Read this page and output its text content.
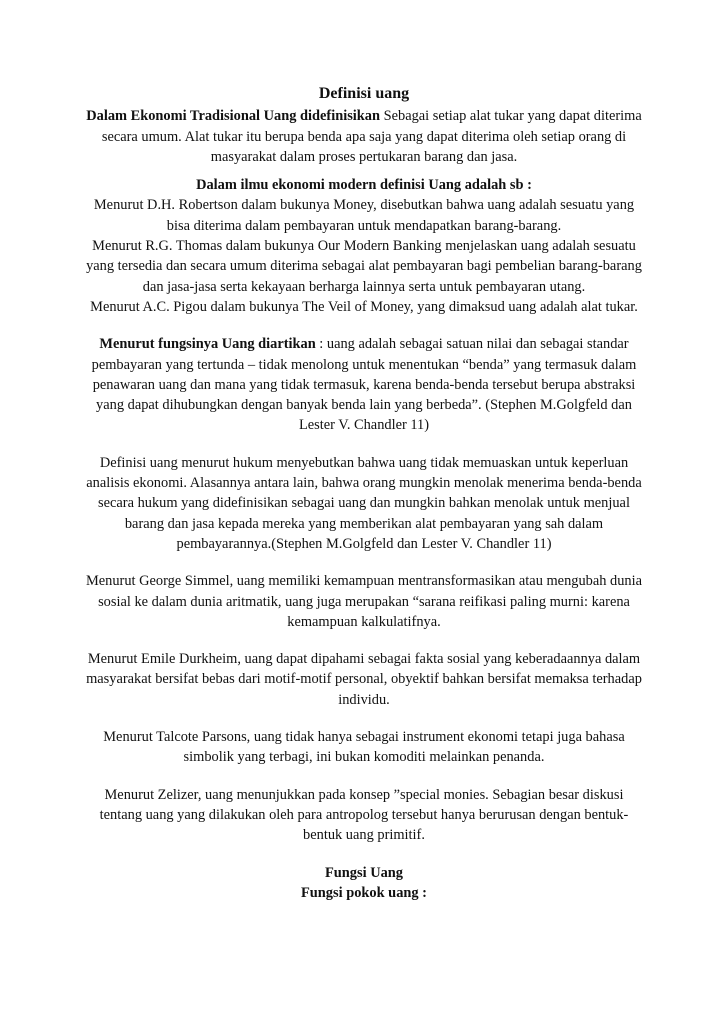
Definisi uang

Dalam Ekonomi Tradisional Uang didefinisikan Sebagai setiap alat tukar yang dapat diterima secara umum. Alat tukar itu berupa benda apa saja yang dapat diterima oleh setiap orang di masyarakat dalam proses pertukaran barang dan jasa.

Dalam ilmu ekonomi modern definisi Uang adalah sb :

Menurut D.H. Robertson dalam bukunya Money, disebutkan bahwa uang adalah sesuatu yang bisa diterima dalam pembayaran untuk mendapatkan barang-barang.

Menurut R.G. Thomas dalam bukunya Our Modern Banking menjelaskan uang adalah sesuatu yang tersedia dan secara umum diterima sebagai alat pembayaran bagi pembelian barang-barang dan jasa-jasa serta kekayaan berharga lainnya serta untuk pembayaran utang.

Menurut A.C. Pigou dalam bukunya The Veil of Money, yang dimaksud uang adalah alat tukar.

Menurut fungsinya Uang diartikan : uang adalah sebagai satuan nilai dan sebagai standar pembayaran yang tertunda – tidak menolong untuk menentukan “benda” yang termasuk dalam penawaran uang dan mana yang tidak termasuk, karena benda-benda tersebut berupa abstraksi yang dapat dihubungkan dengan banyak benda lain yang berbeda”. (Stephen M.Golgfeld dan Lester V. Chandler 11)

Definisi uang menurut hukum menyebutkan bahwa uang tidak memuaskan untuk keperluan analisis ekonomi. Alasannya antara lain, bahwa orang mungkin menolak menerima benda-benda secara hukum yang didefinisikan sebagai uang dan mungkin bahkan menolak untuk menjual barang dan jasa kepada mereka yang memberikan alat pembayaran yang sah dalam pembayarannya.(Stephen M.Golgfeld dan Lester V. Chandler 11)

Menurut George Simmel, uang memiliki kemampuan mentransformasikan atau mengubah dunia sosial ke dalam dunia aritmatik, uang juga merupakan “sarana reifikasi paling murni: karena kemampuan kalkulatifnya.

Menurut Emile Durkheim, uang dapat dipahami sebagai fakta sosial yang keberadaannya dalam masyarakat bersifat bebas dari motif-motif personal, obyektif bahkan bersifat memaksa terhadap individu.

Menurut Talcote Parsons, uang tidak hanya sebagai instrument ekonomi tetapi juga bahasa simbolik yang terbagi, ini bukan komoditi melainkan penanda.

Menurut Zelizer, uang menunjukkan pada konsep ”special monies. Sebagian besar diskusi tentang uang yang dilakukan oleh para antropolog tersebut hanya berurusan dengan bentuk-bentuk uang primitif.

Fungsi Uang

Fungsi pokok uang :
